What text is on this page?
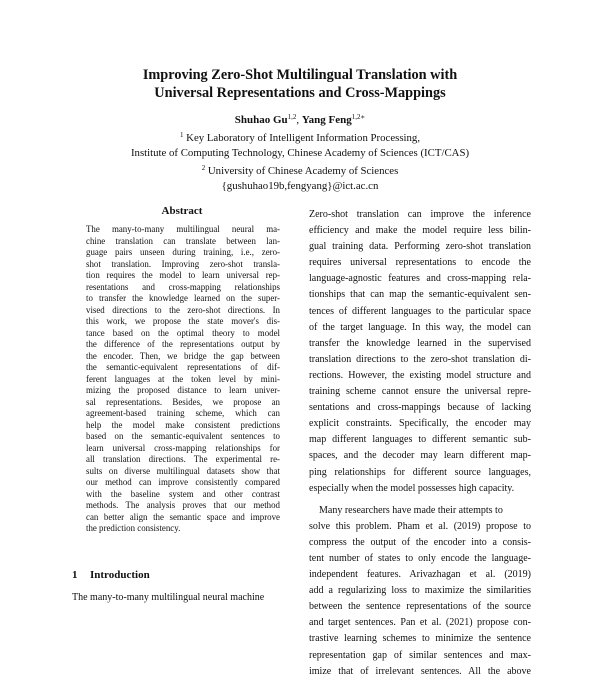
Improving Zero-Shot Multilingual Translation with
Universal Representations and Cross-Mappings
Shuhao Gu$^{1,2}$, Yang Feng$^{1,2∗}$
$^1$ Key Laboratory of Intelligent Information Processing,
Institute of Computing Technology, Chinese Academy of Sciences (ICT/CAS)
$^2$ University of Chinese Academy of Sciences
{gushuhao19b,fengyang}@ict.ac.cn
Abstract
The many-to-many multilingual neural ma-
chine translation can translate between lan-
guage pairs unseen during training, i.e., zero-
shot translation. Improving zero-shot transla-
tion requires the model to learn universal rep-
resentations and cross-mapping relationships
to transfer the knowledge learned on the super-
vised directions to the zero-shot directions. In
this work, we propose the state mover's dis-
tance based on the optimal theory to model
the difference of the representations output by
the encoder. Then, we bridge the gap between
the semantic-equivalent representations of dif-
ferent languages at the token level by mini-
mizing the proposed distance to learn univer-
sal representations. Besides, we propose an
agreement-based training scheme, which can
help the model make consistent predictions
based on the semantic-equivalent sentences to
learn universal cross-mapping relationships for
all translation directions. The experimental re-
sults on diverse multilingual datasets show that
our method can improve consistently compared
with the baseline system and other contrast
methods. The analysis proves that our method
can better align the semantic space and improve
the prediction consistency.
1 Introduction
The many-to-many multilingual neural machine
Zero-shot translation can improve the inference
efficiency and make the model require less bilin-
gual training data. Performing zero-shot translation
requires universal representations to encode the
language-agnostic features and cross-mapping rela-
tionships that can map the semantic-equivalent sen-
tences of different languages to the particular space
of the target language. In this way, the model can
transfer the knowledge learned in the supervised
translation directions to the zero-shot translation di-
rections. However, the existing model structure and
training scheme cannot ensure the universal repre-
sentations and cross-mappings because of lacking
explicit constraints. Specifically, the encoder may
map different languages to different semantic sub-
spaces, and the decoder may learn different map-
ping relationships for different source languages,
especially when the model possesses high capacity.
Many researchers have made their attempts to
solve this problem. Pham et al. (2019) propose to
compress the output of the encoder into a consis-
tent number of states to only encode the language-
independent features. Arivazhagan et al. (2019)
add a regularizing loss to maximize the similarities
between the sentence representations of the source
and target sentences. Pan et al. (2021) propose con-
trastive learning schemes to minimize the sentence
representation gap of similar sentences and max-
imize that of irrelevant sentences. All the above
